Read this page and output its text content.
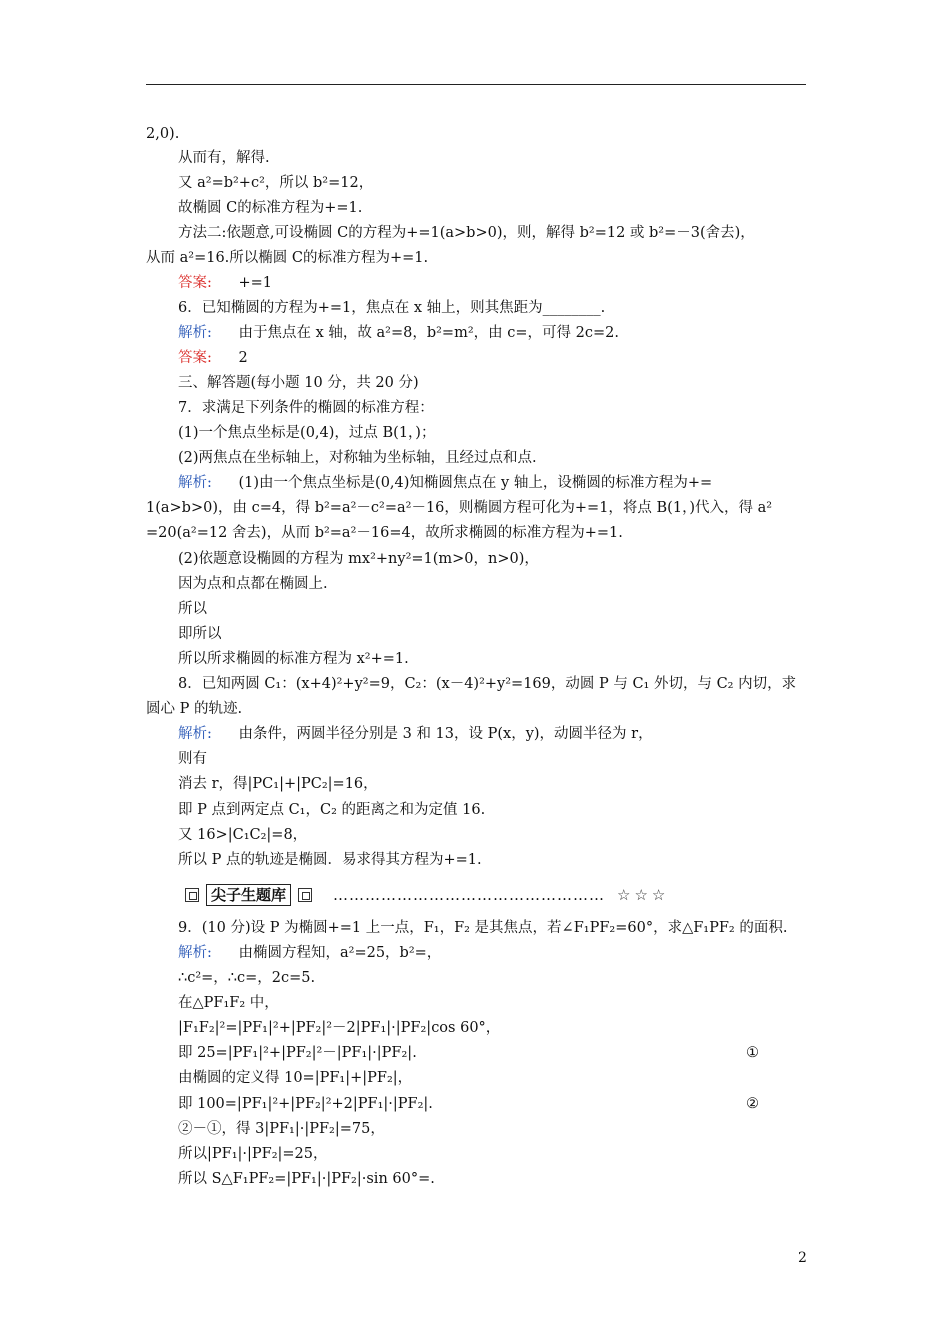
2,0).
从而有，解得.
又 a²=b²+c²，所以 b²=12，
故椭圆 C的标准方程为+=1.
方法二:依题意,可设椭圆 C的方程为+=1(a>b>0)，则，解得 b²=12 或 b²=－3(舍去)，
从而 a²=16.所以椭圆 C的标准方程为+=1.
答案: +=1
6．已知椭圆的方程为+=1，焦点在 x 轴上，则其焦距为________.
解析: 由于焦点在 x 轴，故 a²=8，b²=m²，由 c=，可得 2c=2.
答案: 2
三、解答题(每小题 10 分，共 20 分)
7．求满足下列条件的椭圆的标准方程：
(1)一个焦点坐标是(0,4)，过点 B(1，)；
(2)两焦点在坐标轴上，对称轴为坐标轴，且经过点和点.
解析: (1)由一个焦点坐标是(0,4)知椭圆焦点在 y 轴上，设椭圆的标准方程为+=
1(a>b>0)，由 c=4，得 b²=a²－c²=a²－16，则椭圆方程可化为+=1，将点 B(1，)代入，得 a²
=20(a²=12 舍去)，从而 b²=a²－16=4，故所求椭圆的标准方程为+=1.
(2)依题意设椭圆的方程为 mx²+ny²=1(m>0，n>0)，
因为点和点都在椭圆上.
所以
即所以
所以所求椭圆的标准方程为 x²+=1.
8．已知两圆 C₁：(x+4)²+y²=9，C₂：(x－4)²+y²=169，动圆 P 与 C₁ 外切，与 C₂ 内切，求
圆心 P 的轨迹.
解析: 由条件，两圆半径分别是 3 和 13，设 P(x，y)，动圆半径为 r，
则有
消去 r，得|PC₁|+|PC₂|=16，
即 P 点到两定点 C₁，C₂ 的距离之和为定值 16.
又 16>|C₁C₂|=8，
所以 P 点的轨迹是椭圆．易求得其方程为+=1.
尖子生题库	…………………………………………… ☆☆☆
9．(10 分)设 P 为椭圆+=1 上一点，F₁，F₂ 是其焦点，若∠F₁PF₂=60°，求△F₁PF₂ 的面积.
解析: 由椭圆方程知，a²=25，b²=，
∴c²=，∴c=，2c=5.
在△PF₁F₂ 中，
|F₁F₂|²=|PF₁|²+|PF₂|²－2|PF₁|·|PF₂|cos 60°，
即 25=|PF₁|²+|PF₂|²－|PF₁|·|PF₂|.	①
由椭圆的定义得 10=|PF₁|+|PF₂|，
即 100=|PF₁|²+|PF₂|²+2|PF₁|·|PF₂|.	②
②－①，得 3|PF₁|·|PF₂|=75，
所以|PF₁|·|PF₂|=25，
所以 S△F₁PF₂=|PF₁|·|PF₂|·sin 60°=.
2
